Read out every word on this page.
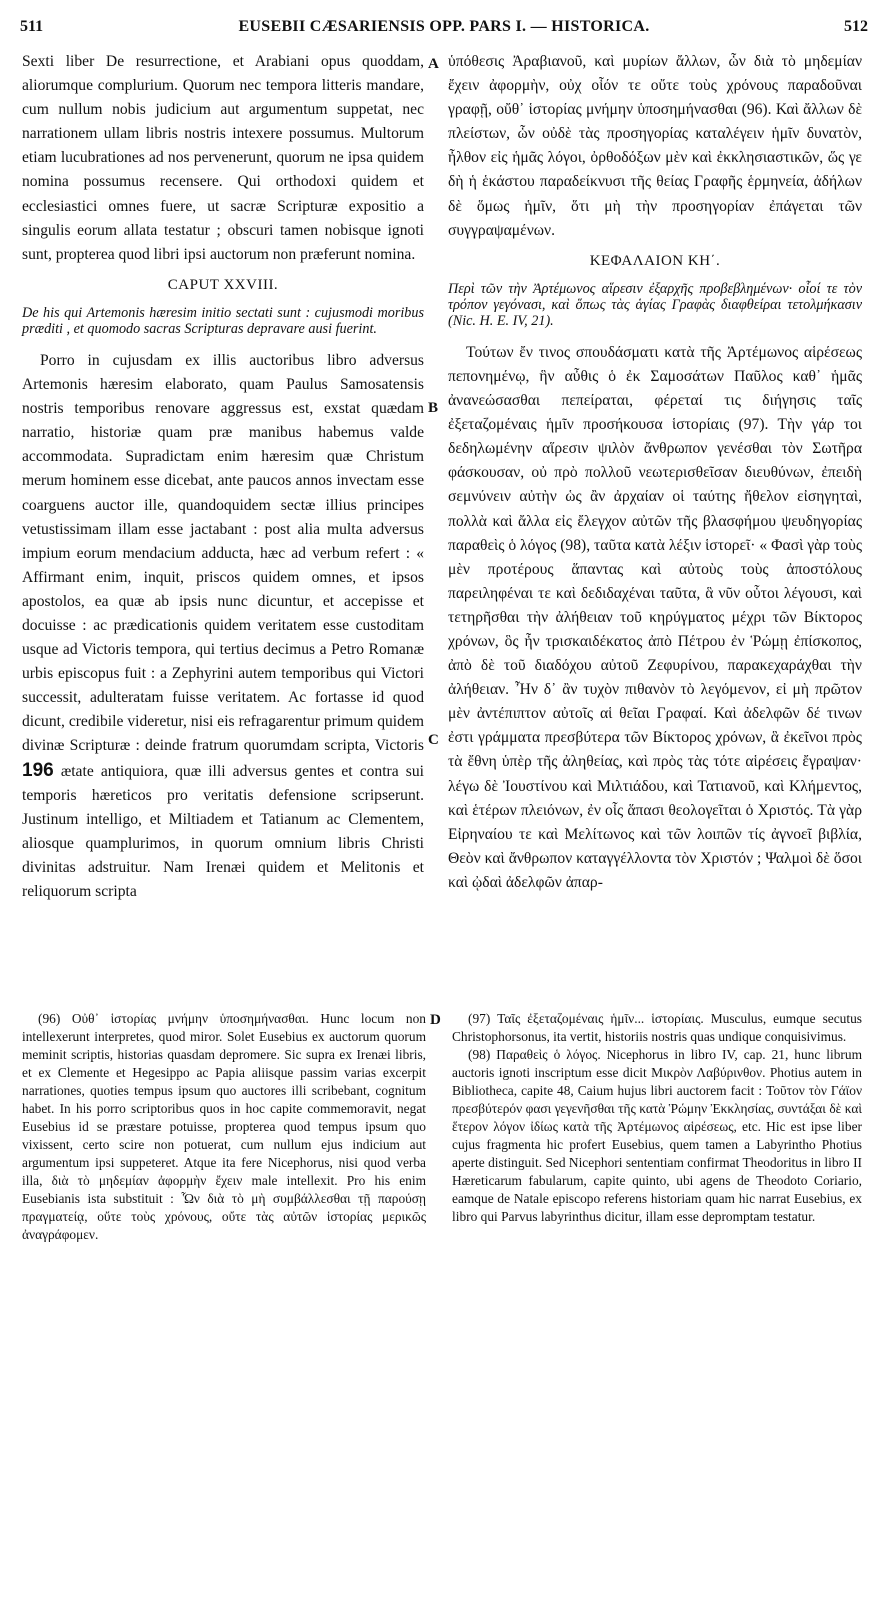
511	EUSEBII CÆSARIENSIS OPP. PARS I. — HISTORICA.	512
A
B
C
D

Sexti liber De resurrectione, et Arabiani opus quoddam, aliorumque complurium. Quorum nec tempora litteris mandare, cum nullum nobis judicium aut argumentum suppetat, nec narrationem ullam libris nostris intexere possumus. Multorum etiam lucubrationes ad nos pervenerunt, quorum ne ipsa quidem nomina possumus recensere. Qui orthodoxi quidem et ecclesiastici omnes fuere, ut sacræ Scripturæ expositio a singulis eorum allata testatur ; obscuri tamen nobisque ignoti sunt, propterea quod libri ipsi auctorum non præferunt nomina.

CAPUT XXVIII.
De his qui Artemonis hæresim initio sectati sunt : cujusmodi moribus præditi , et quomodo sacras Scripturas depravare ausi fuerint.

Porro in cujusdam ex illis auctoribus libro adversus Artemonis hæresim elaborato, quam Paulus Samosatensis nostris temporibus renovare aggressus est, exstat quædam narratio, historiæ quam præ manibus habemus valde accommodata. Supradictam enim hæresim quæ Christum merum hominem esse dicebat, ante paucos annos invectam esse coarguens auctor ille, quandoquidem sectæ illius principes vetustissimam illam esse jactabant : post alia multa adversus impium eorum mendacium adducta, hæc ad verbum refert : « Affirmant enim, inquit, priscos quidem omnes, et ipsos apostolos, ea quæ ab ipsis nunc dicuntur, et accepisse et docuisse : ac prædicationis quidem veritatem esse custoditam usque ad Victoris tempora, qui tertius decimus a Petro Romanæ urbis episcopus fuit : a Zephyrini autem temporibus qui Victori successit, adulteratam fuisse veritatem. Ac fortasse id quod dicunt, credibile videretur, nisi eis refragarentur primum quidem divinæ Scripturæ : deinde fratrum quorumdam scripta, Victoris 196 ætate antiquiora, quæ illi adversus gentes et contra sui temporis hæreticos pro veritatis defensione scripserunt. Justinum intelligo, et Miltiadem et Tatianum ac Clementem, aliosque quamplurimos, in quorum omnium libris Christi divinitas adstruitur. Nam Irenæi quidem et Melitonis et reliquorum scripta

ὑπόθεσις Ἀραβιανοῦ, καὶ μυρίων ἄλλων, ὧν διὰ τὸ μηδεμίαν ἔχειν ἀφορμὴν, οὐχ οἷόν τε οὔτε τοὺς χρόνους παραδοῦναι γραφῇ, οὔθ᾽ ἱστορίας μνήμην ὑποσημήνασθαι (96). Καὶ ἄλλων δὲ πλείστων, ὧν οὐδὲ τὰς προσηγορίας καταλέγειν ἡμῖν δυνατὸν, ἦλθον εἰς ἡμᾶς λόγοι, ὀρθοδόξων μὲν καὶ ἐκκλησιαστικῶν, ὥς γε δὴ ἡ ἑκάστου παραδείκνυσι τῆς θείας Γραφῆς ἑρμηνεία, ἀδήλων δὲ ὅμως ἡμῖν, ὅτι μὴ τὴν προσηγορίαν ἐπάγεται τῶν συγγραψαμένων.

ΚΕΦΑΛΑΙΟΝ ΚΗ΄.
Περὶ τῶν τὴν Ἀρτέμωνος αἵρεσιν ἐξαρχῆς προβεβλημένων· οἷοί τε τὸν τρόπον γεγόνασι, καὶ ὅπως τὰς ἁγίας Γραφὰς διαφθείραι τετολμήκασιν (Nic. H. E. IV, 21).

Τούτων ἔν τινος σπουδάσματι κατὰ τῆς Ἀρτέμωνος αἱρέσεως πεπονημένῳ, ἣν αὖθις ὁ ἐκ Σαμοσάτων Παῦλος καθ᾽ ἡμᾶς ἀνανεώσασθαι πεπείραται, φέρεταί τις διήγησις ταῖς ἐξεταζομέναις ἡμῖν προσήκουσα ἱστορίαις (97). Τὴν γάρ τοι δεδηλωμένην αἵρεσιν ψιλὸν ἄνθρωπον γενέσθαι τὸν Σωτῆρα φάσκουσαν, οὐ πρὸ πολλοῦ νεωτερισθεῖσαν διευθύνων, ἐπειδὴ σεμνύνειν αὐτὴν ὡς ἂν ἀρχαίαν οἱ ταύτης ἤθελον εἰσηγηταὶ, πολλὰ καὶ ἄλλα εἰς ἔλεγχον αὐτῶν τῆς βλασφήμου ψευδηγορίας παραθεὶς ὁ λόγος (98), ταῦτα κατὰ λέξιν ἱστορεῖ· « Φασὶ γὰρ τοὺς μὲν προτέρους ἅπαντας καὶ αὐτοὺς τοὺς ἀποστόλους παρειληφέναι τε καὶ δεδιδαχέναι ταῦτα, ἃ νῦν οὗτοι λέγουσι, καὶ τετηρῆσθαι τὴν ἀλήθειαν τοῦ κηρύγματος μέχρι τῶν Βίκτορος χρόνων, ὃς ἦν τρισκαιδέκατος ἀπὸ Πέτρου ἐν Ῥώμῃ ἐπίσκοπος, ἀπὸ δὲ τοῦ διαδόχου αὐτοῦ Ζεφυρίνου, παρακεχαράχθαι τὴν ἀλήθειαν. Ἦν δ᾽ ἂν τυχὸν πιθανὸν τὸ λεγόμενον, εἰ μὴ πρῶτον μὲν ἀντέπιπτον αὐτοῖς αἱ θεῖαι Γραφαί. Καὶ ἀδελφῶν δέ τινων ἐστι γράμματα πρεσβύτερα τῶν Βίκτορος χρόνων, ἃ ἐκεῖνοι πρὸς τὰ ἔθνη ὑπὲρ τῆς ἀληθείας, καὶ πρὸς τὰς τότε αἱρέσεις ἔγραψαν· λέγω δὲ Ἰουστίνου καὶ Μιλτιάδου, καὶ Τατιανοῦ, καὶ Κλήμεντος, καὶ ἑτέρων πλειόνων, ἐν οἷς ἅπασι θεολογεῖται ὁ Χριστός. Τὰ γὰρ Εἰρηναίου τε καὶ Μελίτωνος καὶ τῶν λοιπῶν τίς ἀγνοεῖ βιβλία, Θεὸν καὶ ἄνθρωπον καταγγέλλοντα τὸν Χριστόν ; Ψαλμοὶ δὲ ὅσοι καὶ ᾠδαὶ ἀδελφῶν ἀπαρ-

(96) Οὐθ᾽ ἱστορίας μνήμην ὑποσημήνασθαι. Hunc locum non intellexerunt interpretes, quod miror. Solet Eusebius ex auctorum quorum meminit scriptis, historias quasdam depromere. Sic supra ex Irenæi libris, et ex Clemente et Hegesippo ac Papia aliisque passim varias excerpit narrationes, quoties tempus ipsum quo auctores illi scribebant, cognitum habet. In his porro scriptoribus quos in hoc capite commemoravit, negat Eusebius id se præstare potuisse, propterea quod tempus ipsum quo vixissent, certo scire non potuerat, cum nullum ejus indicium aut argumentum ipsi suppeteret. Atque ita fere Nicephorus, nisi quod verba illa, διὰ τὸ μηδεμίαν ἀφορμὴν ἔχειν male intellexit. Pro his enim Eusebianis ista substituit : Ὧν διὰ τὸ μὴ συμβάλλεσθαι τῇ παρούσῃ πραγματείᾳ, οὔτε τοὺς χρόνους, οὔτε τὰς αὐτῶν ἱστορίας μερικῶς ἀναγράφομεν.

(97) Ταῖς ἐξεταζομέναις ἡμῖν... ἱστορίαις. Musculus, eumque secutus Christophorsonus, ita vertit, historiis nostris quas undique conquisivimus.

(98) Παραθεὶς ὁ λόγος. Nicephorus in libro IV, cap. 21, hunc librum auctoris ignoti inscriptum esse dicit Μικρὸν Λαβύρινθον. Photius autem in Bibliotheca, capite 48, Caium hujus libri auctorem facit : Τοῦτον τὸν Γάϊον πρεσβύτερόν φασι γεγενῆσθαι τῆς κατὰ Ῥώμην Ἐκκλησίας, συντάξαι δὲ καὶ ἕτερον λόγον ἰδίως κατὰ τῆς Ἀρτέμωνος αἱρέσεως, etc. Hic est ipse liber cujus fragmenta hic profert Eusebius, quem tamen a Labyrintho Photius aperte distinguit. Sed Nicephori sententiam confirmat Theodoritus in libro II Hæreticarum fabularum, capite quinto, ubi agens de Theodoto Coriario, eamque de Natale episcopo referens historiam quam hic narrat Eusebius, ex libro qui Parvus labyrinthus dicitur, illam esse depromptam testatur.
